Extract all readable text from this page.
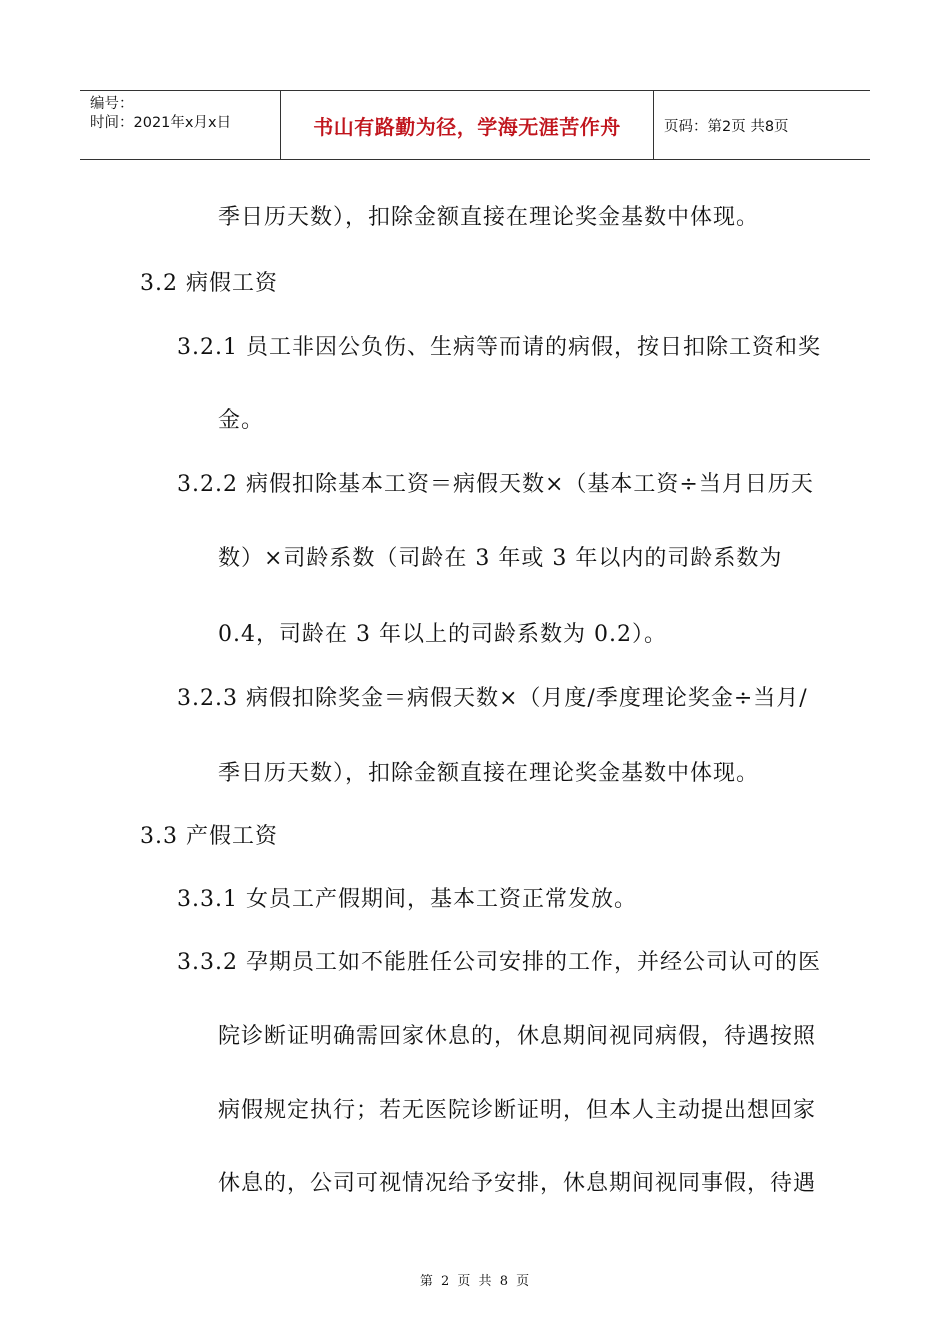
编号：
时间：2021年x月x日	书山有路勤为径，学海无涯苦作舟	页码：第2页 共8页
季日历天数），扣除金额直接在理论奖金基数中体现。
3.2 病假工资
3.2.1 员工非因公负伤、生病等而请的病假，按日扣除工资和奖
金。
3.2.2 病假扣除基本工资＝病假天数×（基本工资÷当月日历天
数）×司龄系数（司龄在 3 年或 3 年以内的司龄系数为
0.4，司龄在 3 年以上的司龄系数为 0.2）。
3.2.3 病假扣除奖金＝病假天数×（月度/季度理论奖金÷当月/
季日历天数），扣除金额直接在理论奖金基数中体现。
3.3 产假工资
3.3.1 女员工产假期间，基本工资正常发放。
3.3.2 孕期员工如不能胜任公司安排的工作，并经公司认可的医
院诊断证明确需回家休息的，休息期间视同病假，待遇按照
病假规定执行；若无医院诊断证明，但本人主动提出想回家
休息的，公司可视情况给予安排，休息期间视同事假，待遇
第 2 页 共 8 页
